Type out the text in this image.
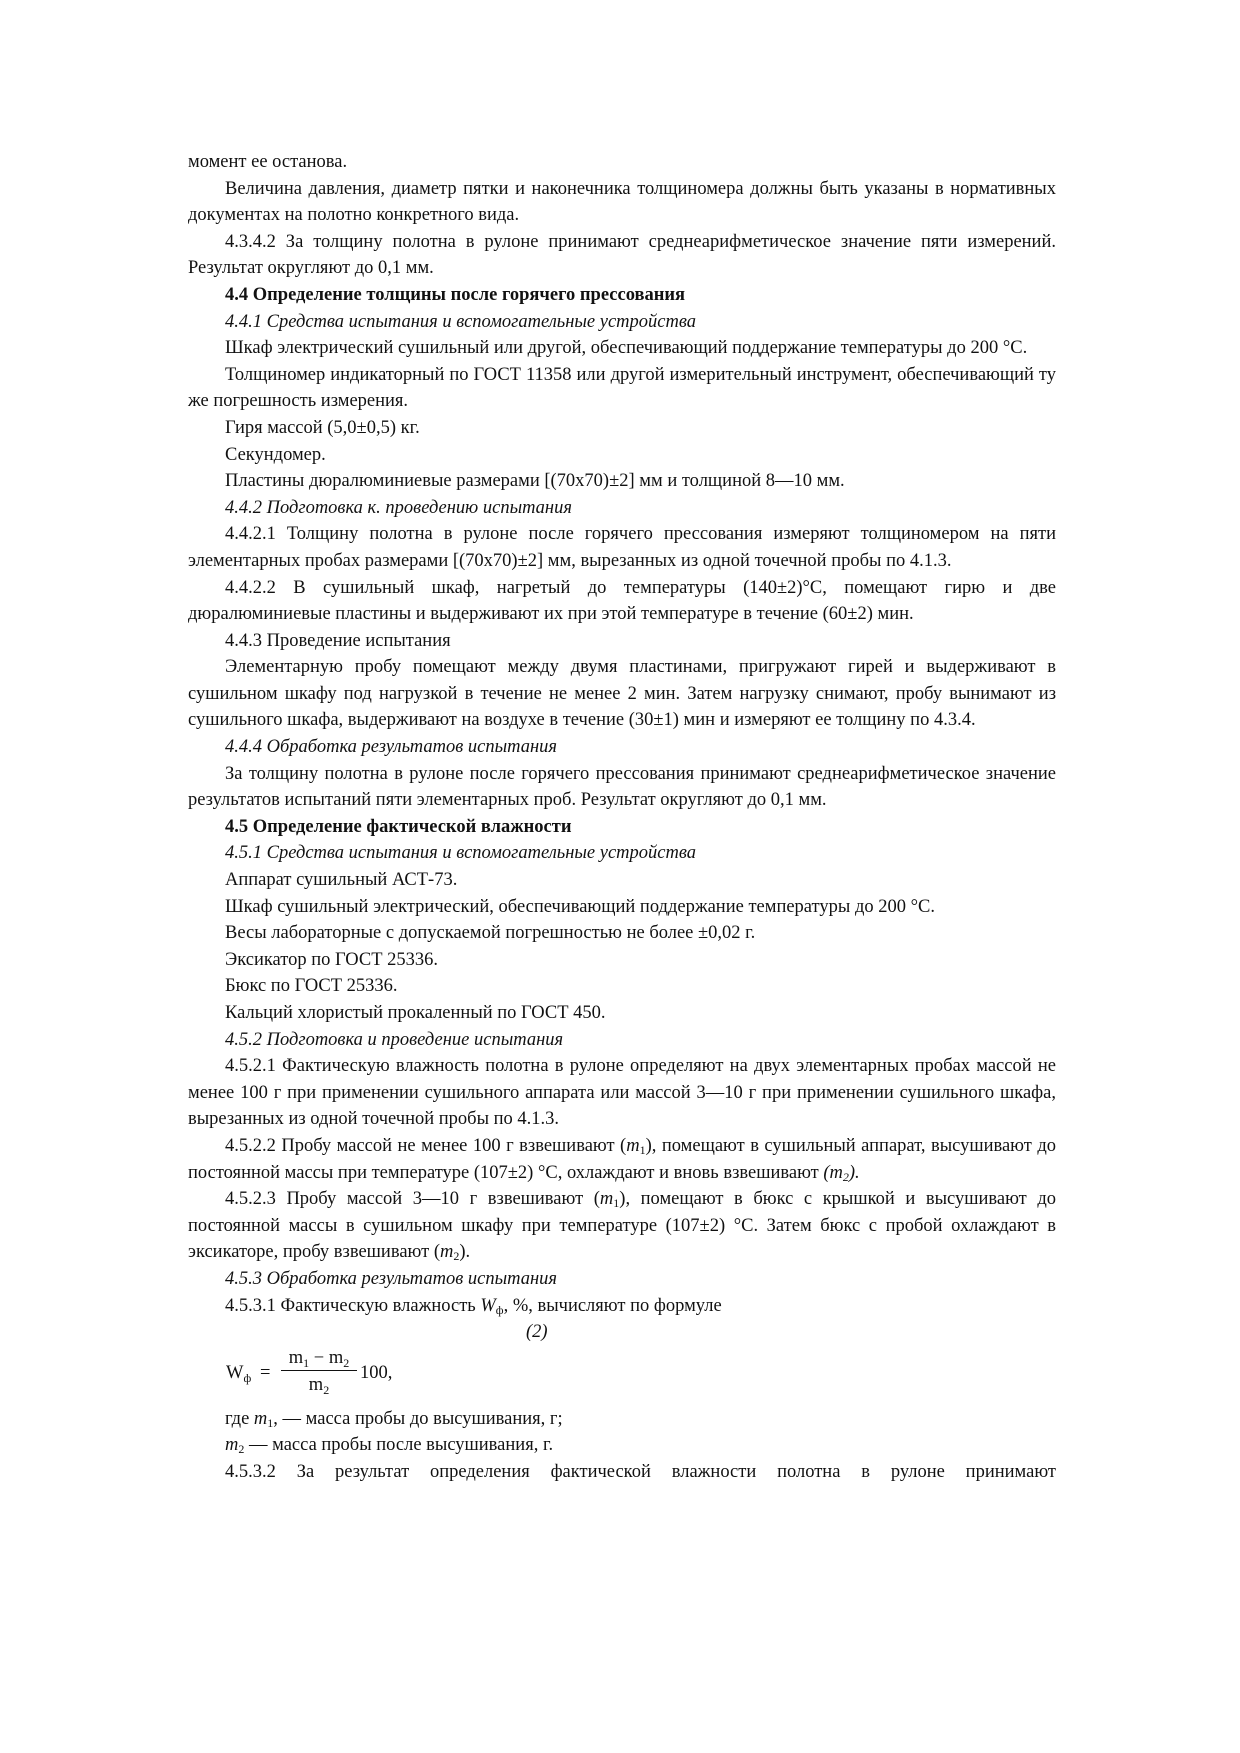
момент ее останова.

Величина давления, диаметр пятки и наконечника толщиномера должны быть указаны в нормативных документах на полотно конкретного вида.

4.3.4.2 За толщину полотна в рулоне принимают среднеарифметическое значение пяти измерений. Результат округляют до 0,1 мм.

4.4 Определение толщины после горячего прессования

4.4.1 Средства испытания и вспомогательные устройства

Шкаф электрический сушильный или другой, обеспечивающий поддержание температуры до 200 °С.

Толщиномер индикаторный по ГОСТ 11358 или другой измерительный инструмент, обеспечивающий ту же погрешность измерения.

Гиря массой (5,0±0,5) кг.

Секундомер.

Пластины дюралюминиевые размерами [(70х70)±2] мм и толщиной 8—10 мм.

4.4.2 Подготовка к. проведению испытания

4.4.2.1 Толщину полотна в рулоне после горячего прессования измеряют толщиномером на пяти элементарных пробах размерами [(70х70)±2] мм, вырезанных из одной точечной пробы по 4.1.3.

4.4.2.2 В сушильный шкаф, нагретый до температуры (140±2)°С, помещают гирю и две дюралюминиевые пластины и выдерживают их при этой температуре в течение (60±2) мин.

4.4.3 Проведение испытания

Элементарную пробу помещают между двумя пластинами, пригружают гирей и выдерживают в сушильном шкафу под нагрузкой в течение не менее 2 мин. Затем нагрузку снимают, пробу вынимают из сушильного шкафа, выдерживают на воздухе в течение (30±1) мин и измеряют ее толщину по 4.3.4.

4.4.4 Обработка результатов испытания

За толщину полотна в рулоне после горячего прессования принимают среднеарифметическое значение результатов испытаний пяти элементарных проб. Результат округляют до 0,1 мм.

4.5 Определение фактической влажности

4.5.1 Средства испытания и вспомогательные устройства

Аппарат сушильный АСТ-73.

Шкаф сушильный электрический, обеспечивающий поддержание температуры до 200 °С.

Весы лабораторные с допускаемой погрешностью не более ±0,02 г.

Эксикатор по ГОСТ 25336.

Бюкс по ГОСТ 25336.

Кальций хлористый прокаленный по ГОСТ 450.

4.5.2 Подготовка и проведение испытания

4.5.2.1 Фактическую влажность полотна в рулоне определяют на двух элементарных пробах массой не менее 100 г при применении сушильного аппарата или массой 3—10 г при применении сушильного шкафа, вырезанных из одной точечной пробы по 4.1.3.

4.5.2.2 Пробу массой не менее 100 г взвешивают $(m_1)$, помещают в сушильный аппарат, высушивают до постоянной массы при температуре (107±2) °С, охлаждают и вновь взвешивают $(m_2)$.

4.5.2.3 Пробу массой 3—10 г взвешивают $(m_1)$, помещают в бюкс с крышкой и высушивают до постоянной массы в сушильном шкафу при температуре (107±2) °С. Затем бюкс с пробой охлаждают в эксикаторе, пробу взвешивают $(m_2)$.

4.5.3 Обработка результатов испытания

4.5.3.1 Фактическую влажность $W_ф$, %, вычисляют по формуле

(2)

$W_ф = \frac{m_1 - m_2}{m_2} 100$,

где $m_1$, — масса пробы до высушивания, г;

$m_2$ — масса пробы после высушивания, г.

4.5.3.2 За результат определения фактической влажности полотна в рулоне принимают
